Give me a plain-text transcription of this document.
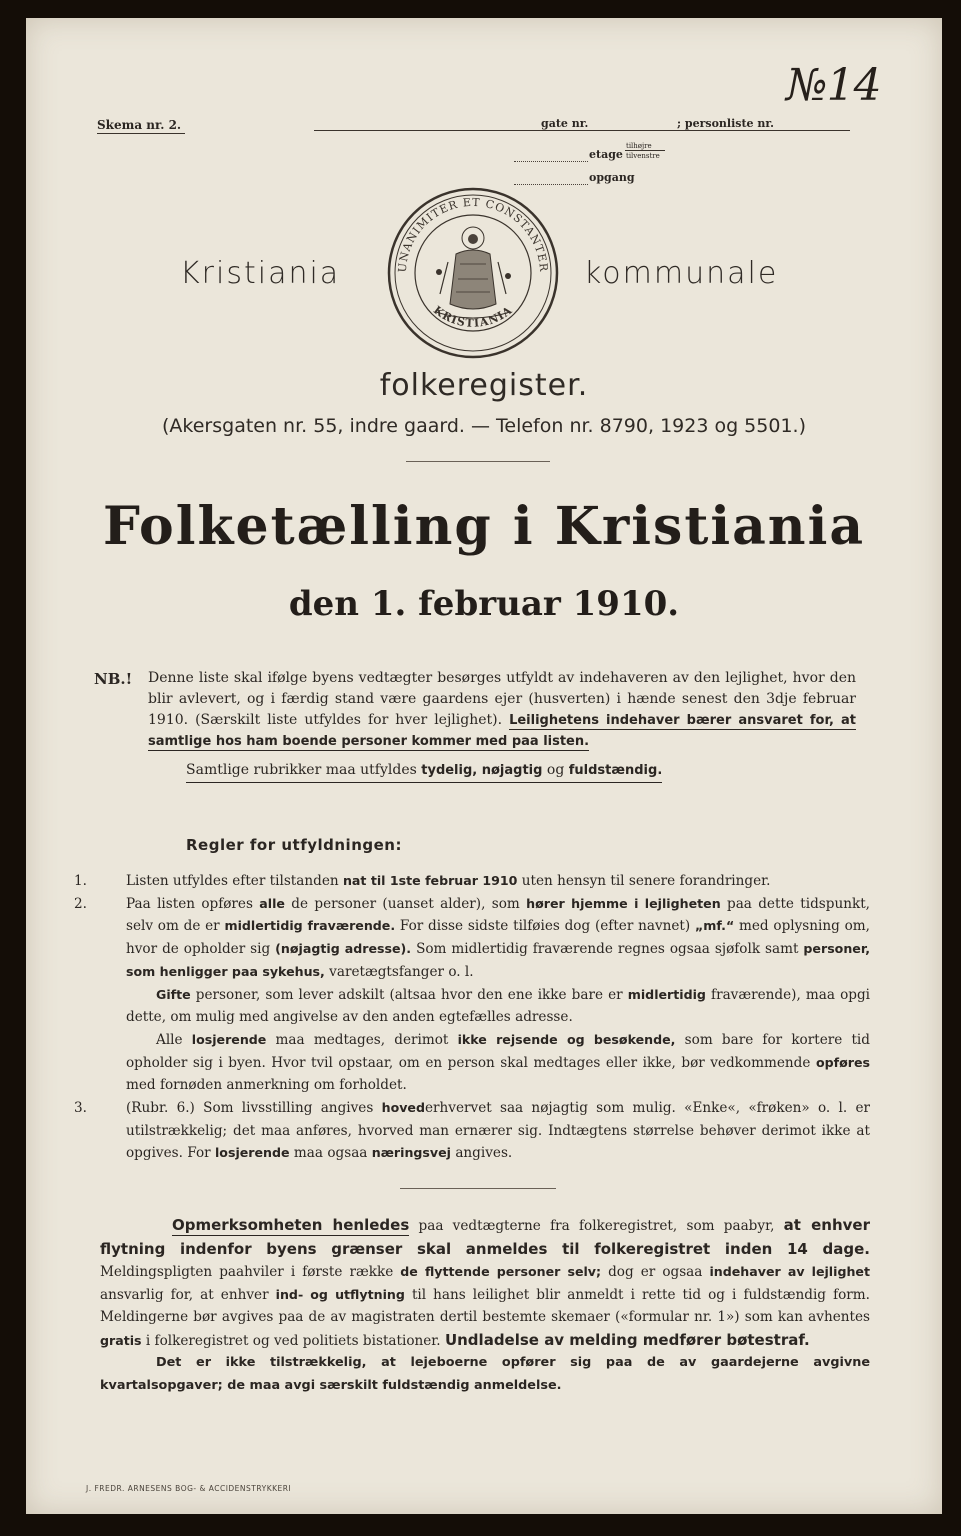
№14
Skema nr. 2.	gate nr.	; personliste nr.
etage
tilhøjre
tilvenstre
opgang
Kristiania	kommunale
UNANIMITER ET CONSTANTER
KRISTIANIA
folkeregister.
(Akersgaten nr. 55, indre gaard. — Telefon nr. 8790, 1923 og 5501.)
Folketælling i Kristiania
den 1. februar 1910.
NB.! Denne liste skal ifølge byens vedtægter besørges utfyldt av indehaveren av den lejlighet, hvor den blir avlevert, og i færdig stand være gaardens ejer (husverten) i hænde senest den 3dje februar 1910. (Særskilt liste utfyldes for hver lejlighet). Leilighetens indehaver bærer ansvaret for, at samtlige hos ham boende personer kommer med paa listen.
Samtlige rubrikker maa utfyldes tydelig, nøjagtig og fuldstændig.
Regler for utfyldningen:

1.	Listen utfyldes efter tilstanden nat til 1ste februar 1910 uten hensyn til senere forandringer.

2.	Paa listen opføres alle de personer (uanset alder), som hører hjemme i lejligheten paa dette tidspunkt, selv om de er midlertidig fraværende. For disse sidste tilføies dog (efter navnet) „mf.“ med oplysning om, hvor de opholder sig (nøjagtig adresse). Som midlertidig fraværende regnes ogsaa sjøfolk samt personer, som henligger paa sykehus, varetægtsfanger o. l.

Gifte personer, som lever adskilt (altsaa hvor den ene ikke bare er midlertidig fraværende), maa opgi dette, om mulig med angivelse av den anden egtefælles adresse.

Alle losjerende maa medtages, derimot ikke rejsende og besøkende, som bare for kortere tid opholder sig i byen. Hvor tvil opstaar, om en person skal medtages eller ikke, bør vedkommende opføres med fornøden anmerkning om forholdet.

3.	(Rubr. 6.) Som livsstilling angives hovederhvervet saa nøjagtig som mulig. «Enke«, «frøken» o. l. er utilstrækkelig; det maa anføres, hvorved man ernærer sig. Indtægtens størrelse behøver derimot ikke at opgives. For losjerende maa ogsaa næringsvej angives.

Opmerksomheten henledes paa vedtægterne fra folkeregistret, som paabyr, at enhver flytning indenfor byens grænser skal anmeldes til folkeregistret inden 14 dage. Meldingspligten paahviler i første række de flyttende personer selv; dog er ogsaa indehaver av lejlighet ansvarlig for, at enhver ind- og utflytning til hans leilighet blir anmeldt i rette tid og i fuldstændig form. Meldingerne bør avgives paa de av magistraten dertil bestemte skemaer («formular nr. 1») som kan avhentes gratis i folkeregistret og ved politiets bistationer. Undladelse av melding medfører bøtestraf.

Det er ikke tilstrækkelig, at lejeboerne opfører sig paa de av gaardejerne avgivne kvartalsopgaver; de maa avgi særskilt fuldstændig anmeldelse.

J. FREDR. ARNESENS BOG- & ACCIDENSTRYKKERI
